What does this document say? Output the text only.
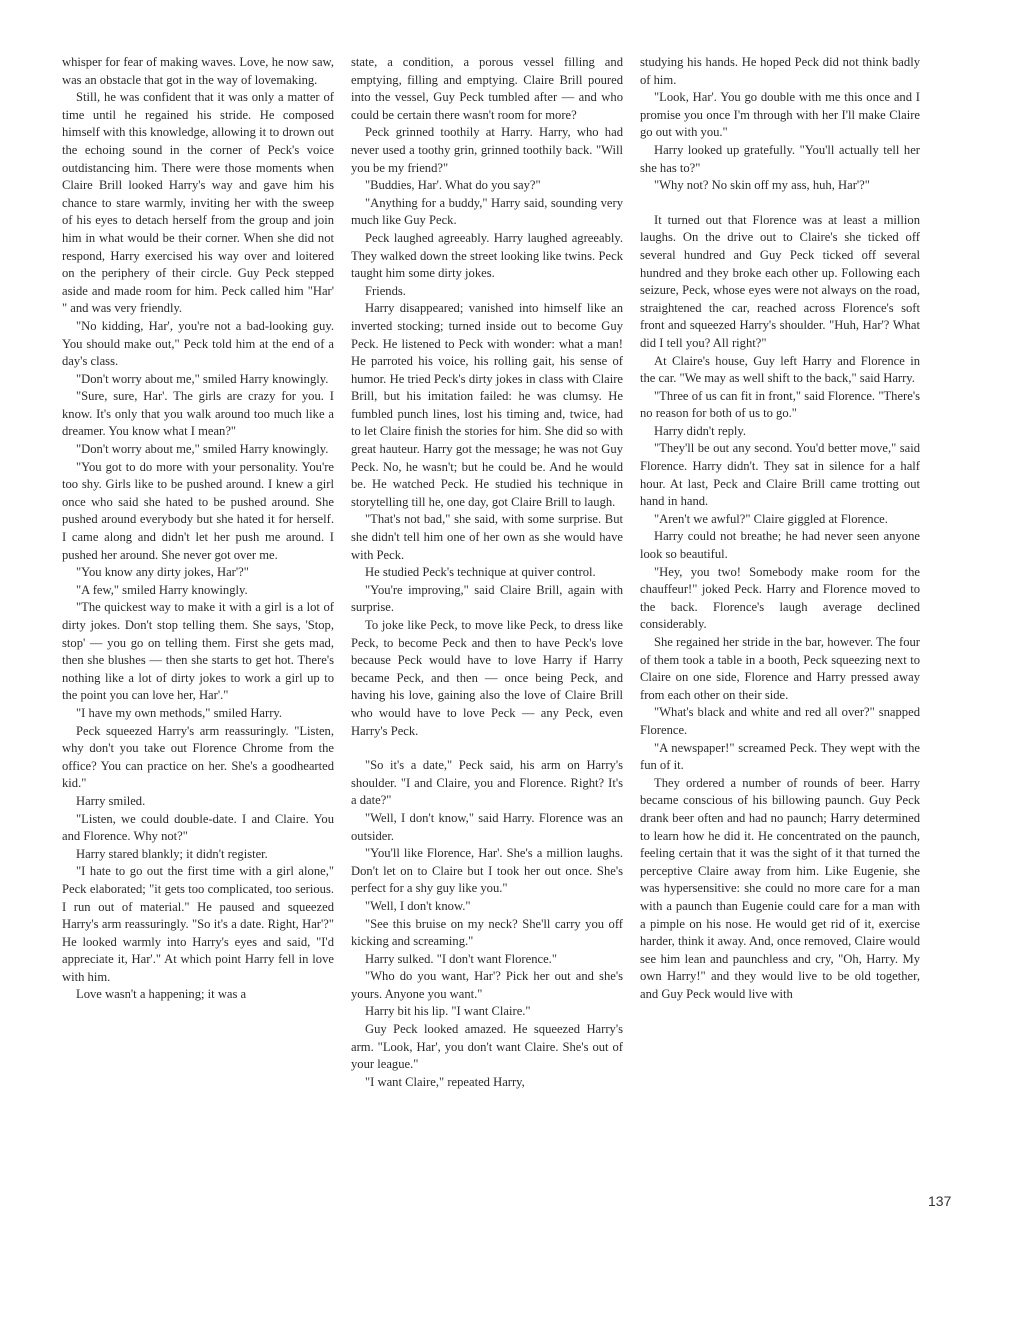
whisper for fear of making waves. Love, he now saw, was an obstacle that got in the way of lovemaking.

Still, he was confident that it was only a matter of time until he regained his stride. He composed himself with this knowledge, allowing it to drown out the echoing sound in the corner of Peck's voice outdistancing him. There were those moments when Claire Brill looked Harry's way and gave him his chance to stare warmly, inviting her with the sweep of his eyes to detach herself from the group and join him in what would be their corner. When she did not respond, Harry exercised his way over and loitered on the periphery of their circle. Guy Peck stepped aside and made room for him. Peck called him "Har' " and was very friendly.

"No kidding, Har', you're not a bad-looking guy. You should make out," Peck told him at the end of a day's class.

"Don't worry about me," smiled Harry knowingly.

"Sure, sure, Har'. The girls are crazy for you. I know. It's only that you walk around too much like a dreamer. You know what I mean?"

"Don't worry about me," smiled Harry knowingly.

"You got to do more with your personality. You're too shy. Girls like to be pushed around. I knew a girl once who said she hated to be pushed around. She pushed around everybody but she hated it for herself. I came along and didn't let her push me around. I pushed her around. She never got over me.

"You know any dirty jokes, Har'?"

"A few," smiled Harry knowingly.

"The quickest way to make it with a girl is a lot of dirty jokes. Don't stop telling them. She says, 'Stop, stop' — you go on telling them. First she gets mad, then she blushes — then she starts to get hot. There's nothing like a lot of dirty jokes to work a girl up to the point you can love her, Har'."

"I have my own methods," smiled Harry.

Peck squeezed Harry's arm reassuringly. "Listen, why don't you take out Florence Chrome from the office? You can practice on her. She's a goodhearted kid."

Harry smiled.

"Listen, we could double-date. I and Claire. You and Florence. Why not?"

Harry stared blankly; it didn't register.

"I hate to go out the first time with a girl alone," Peck elaborated; "it gets too complicated, too serious. I run out of material." He paused and squeezed Harry's arm reassuringly. "So it's a date. Right, Har'?" He looked warmly into Harry's eyes and said, "I'd appreciate it, Har'." At which point Harry fell in love with him.

Love wasn't a happening; it was a

state, a condition, a porous vessel filling and emptying, filling and emptying. Claire Brill poured into the vessel, Guy Peck tumbled after — and who could be certain there wasn't room for more?

Peck grinned toothily at Harry. Harry, who had never used a toothy grin, grinned toothily back. "Will you be my friend?"

"Buddies, Har'. What do you say?"

"Anything for a buddy," Harry said, sounding very much like Guy Peck.

Peck laughed agreeably. Harry laughed agreeably. They walked down the street looking like twins. Peck taught him some dirty jokes.

Friends.

Harry disappeared; vanished into himself like an inverted stocking; turned inside out to become Guy Peck. He listened to Peck with wonder: what a man! He parroted his voice, his rolling gait, his sense of humor. He tried Peck's dirty jokes in class with Claire Brill, but his imitation failed: he was clumsy. He fumbled punch lines, lost his timing and, twice, had to let Claire finish the stories for him. She did so with great hauteur. Harry got the message; he was not Guy Peck. No, he wasn't; but he could be. And he would be. He watched Peck. He studied his technique in storytelling till he, one day, got Claire Brill to laugh.

"That's not bad," she said, with some surprise. But she didn't tell him one of her own as she would have with Peck.

He studied Peck's technique at quiver control.

"You're improving," said Claire Brill, again with surprise.

To joke like Peck, to move like Peck, to dress like Peck, to become Peck and then to have Peck's love because Peck would have to love Harry if Harry became Peck, and then — once being Peck, and having his love, gaining also the love of Claire Brill who would have to love Peck — any Peck, even Harry's Peck.

"So it's a date," Peck said, his arm on Harry's shoulder. "I and Claire, you and Florence. Right? It's a date?"

"Well, I don't know," said Harry. Florence was an outsider.

"You'll like Florence, Har'. She's a million laughs. Don't let on to Claire but I took her out once. She's perfect for a shy guy like you."

"Well, I don't know."

"See this bruise on my neck? She'll carry you off kicking and screaming."

Harry sulked. "I don't want Florence."

"Who do you want, Har'? Pick her out and she's yours. Anyone you want."

Harry bit his lip. "I want Claire."

Guy Peck looked amazed. He squeezed Harry's arm. "Look, Har', you don't want Claire. She's out of your league."

"I want Claire," repeated Harry,

studying his hands. He hoped Peck did not think badly of him.

"Look, Har'. You go double with me this once and I promise you once I'm through with her I'll make Claire go out with you."

Harry looked up gratefully. "You'll actually tell her she has to?"

"Why not? No skin off my ass, huh, Har'?"

It turned out that Florence was at least a million laughs. On the drive out to Claire's she ticked off several hundred and Guy Peck ticked off several hundred and they broke each other up. Following each seizure, Peck, whose eyes were not always on the road, straightened the car, reached across Florence's soft front and squeezed Harry's shoulder. "Huh, Har'? What did I tell you? All right?"

At Claire's house, Guy left Harry and Florence in the car. "We may as well shift to the back," said Harry.

"Three of us can fit in front," said Florence. "There's no reason for both of us to go."

Harry didn't reply.

"They'll be out any second. You'd better move," said Florence. Harry didn't. They sat in silence for a half hour. At last, Peck and Claire Brill came trotting out hand in hand.

"Aren't we awful?" Claire giggled at Florence.

Harry could not breathe; he had never seen anyone look so beautiful.

"Hey, you two! Somebody make room for the chauffeur!" joked Peck. Harry and Florence moved to the back. Florence's laugh average declined considerably.

She regained her stride in the bar, however. The four of them took a table in a booth, Peck squeezing next to Claire on one side, Florence and Harry pressed away from each other on their side.

"What's black and white and red all over?" snapped Florence.

"A newspaper!" screamed Peck. They wept with the fun of it.

They ordered a number of rounds of beer. Harry became conscious of his billowing paunch. Guy Peck drank beer often and had no paunch; Harry determined to learn how he did it. He concentrated on the paunch, feeling certain that it was the sight of it that turned the perceptive Claire away from him. Like Eugenie, she was hypersensitive: she could no more care for a man with a paunch than Eugenie could care for a man with a pimple on his nose. He would get rid of it, exercise harder, think it away. And, once removed, Claire would see him lean and paunchless and cry, "Oh, Harry. My own Harry!" and they would live to be old together, and Guy Peck would live with

137
